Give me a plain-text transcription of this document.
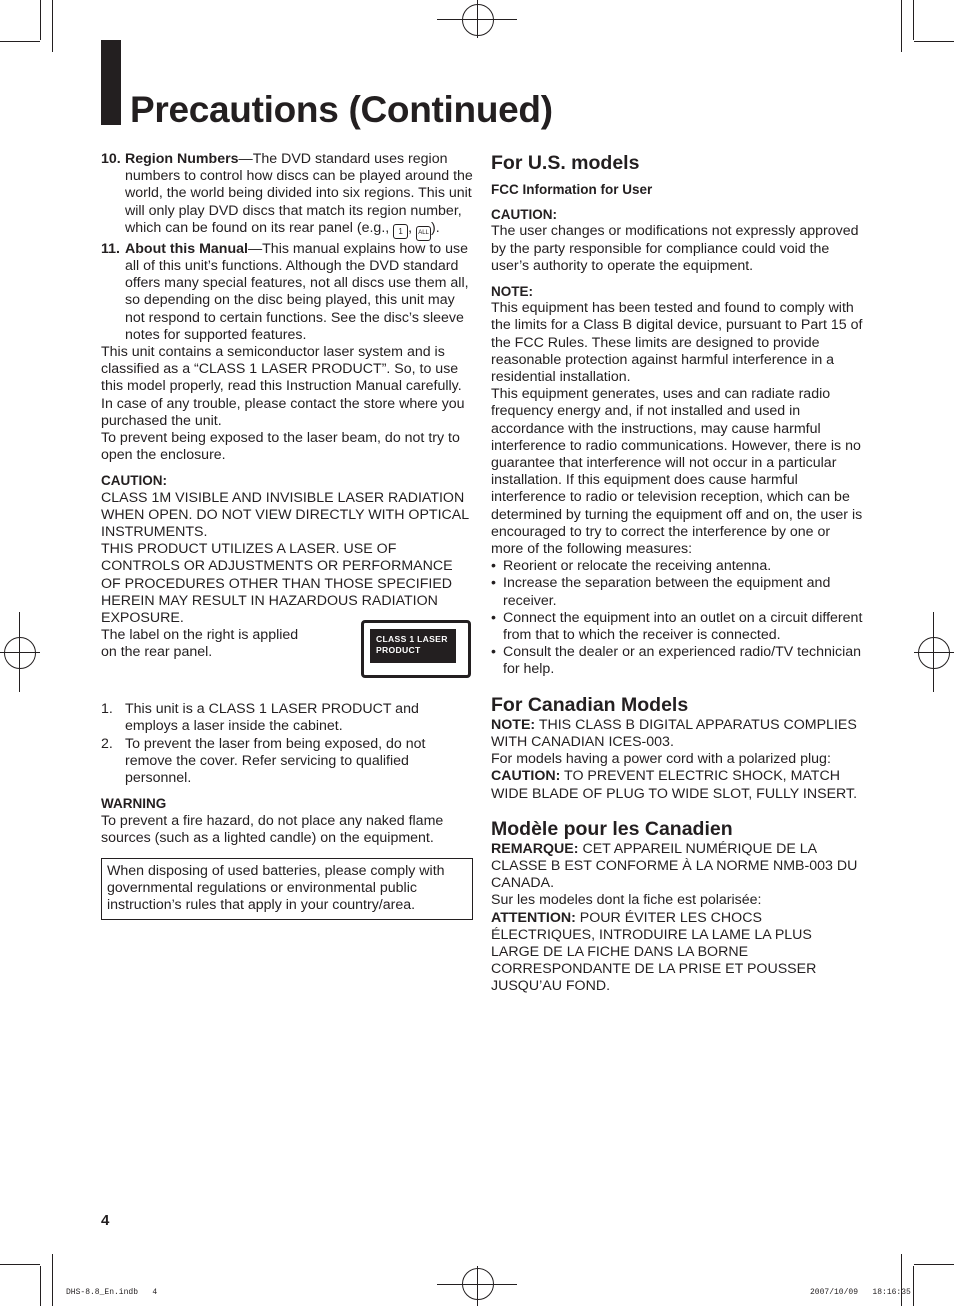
Precautions (Continued)
10. Region Numbers—The DVD standard uses region numbers to control how discs can be played around the world, the world being divided into six regions. This unit will only play DVD discs that match its region number, which can be found on its rear panel (e.g., 1 , ALL ).

11. About this Manual—This manual explains how to use all of this unit’s functions. Although the DVD standard offers many special features, not all discs use them all, so depending on the disc being played, this unit may not respond to certain functions. See the disc’s sleeve notes for supported features.

This unit contains a semiconductor laser system and is classified as a “CLASS 1 LASER PRODUCT”. So, to use this model properly, read this Instruction Manual carefully. In case of any trouble, please contact the store where you purchased the unit.

To prevent being exposed to the laser beam, do not try to open the enclosure.

CAUTION:

CLASS 1M VISIBLE AND INVISIBLE LASER RADIATION WHEN OPEN. DO NOT VIEW DIRECTLY WITH OPTICAL INSTRUMENTS.

THIS PRODUCT UTILIZES A LASER. USE OF CONTROLS OR ADJUSTMENTS OR PERFORMANCE OF PROCEDURES OTHER THAN THOSE SPECIFIED HEREIN MAY RESULT IN HAZARDOUS RADIATION EXPOSURE.

The label on the right is applied on the rear panel.

CLASS 1 LASER
PRODUCT
1. This unit is a CLASS 1 LASER PRODUCT and employs a laser inside the cabinet.

2. To prevent the laser from being exposed, do not remove the cover. Refer servicing to qualified personnel.

WARNING

To prevent a fire hazard, do not place any naked flame sources (such as a lighted candle) on the equipment.

When disposing of used batteries, please comply with governmental regulations or environmental public instruction’s rules that apply in your country/area.

For U.S. models

FCC Information for User

CAUTION:

The user changes or modifications not expressly approved by the party responsible for compliance could void the user’s authority to operate the equipment.

NOTE:

This equipment has been tested and found to comply with the limits for a Class B digital device, pursuant to Part 15 of the FCC Rules. These limits are designed to provide reasonable protection against harmful interference in a residential installation.

This equipment generates, uses and can radiate radio frequency energy and, if not installed and used in accordance with the instructions, may cause harmful interference to radio communications. However, there is no guarantee that interference will not occur in a particular installation. If this equipment does cause harmful interference to radio or television reception, which can be determined by turning the equipment off and on, the user is encouraged to try to correct the interference by one or more of the following measures:

• Reorient or relocate the receiving antenna.

• Increase the separation between the equipment and receiver.

• Connect the equipment into an outlet on a circuit different from that to which the receiver is connected.

• Consult the dealer or an experienced radio/TV technician for help.

For Canadian Models

NOTE: THIS CLASS B DIGITAL APPARATUS COMPLIES WITH CANADIAN ICES-003.

For models having a power cord with a polarized plug:

CAUTION: TO PREVENT ELECTRIC SHOCK, MATCH WIDE BLADE OF PLUG TO WIDE SLOT, FULLY INSERT.

Modèle pour les Canadien

REMARQUE: CET APPAREIL NUMÉRIQUE DE LA CLASSE B EST CONFORME À LA NORME NMB-003 DU CANADA.

Sur les modeles dont la fiche est polarisée:

ATTENTION: POUR ÉVITER LES CHOCS ÉLECTRIQUES, INTRODUIRE LA LAME LA PLUS LARGE DE LA FICHE DANS LA BORNE CORRESPONDANTE DE LA PRISE ET POUSSER JUSQU’AU FOND.

4
DHS-8.8_En.indb   4	2007/10/09   18:16:35
